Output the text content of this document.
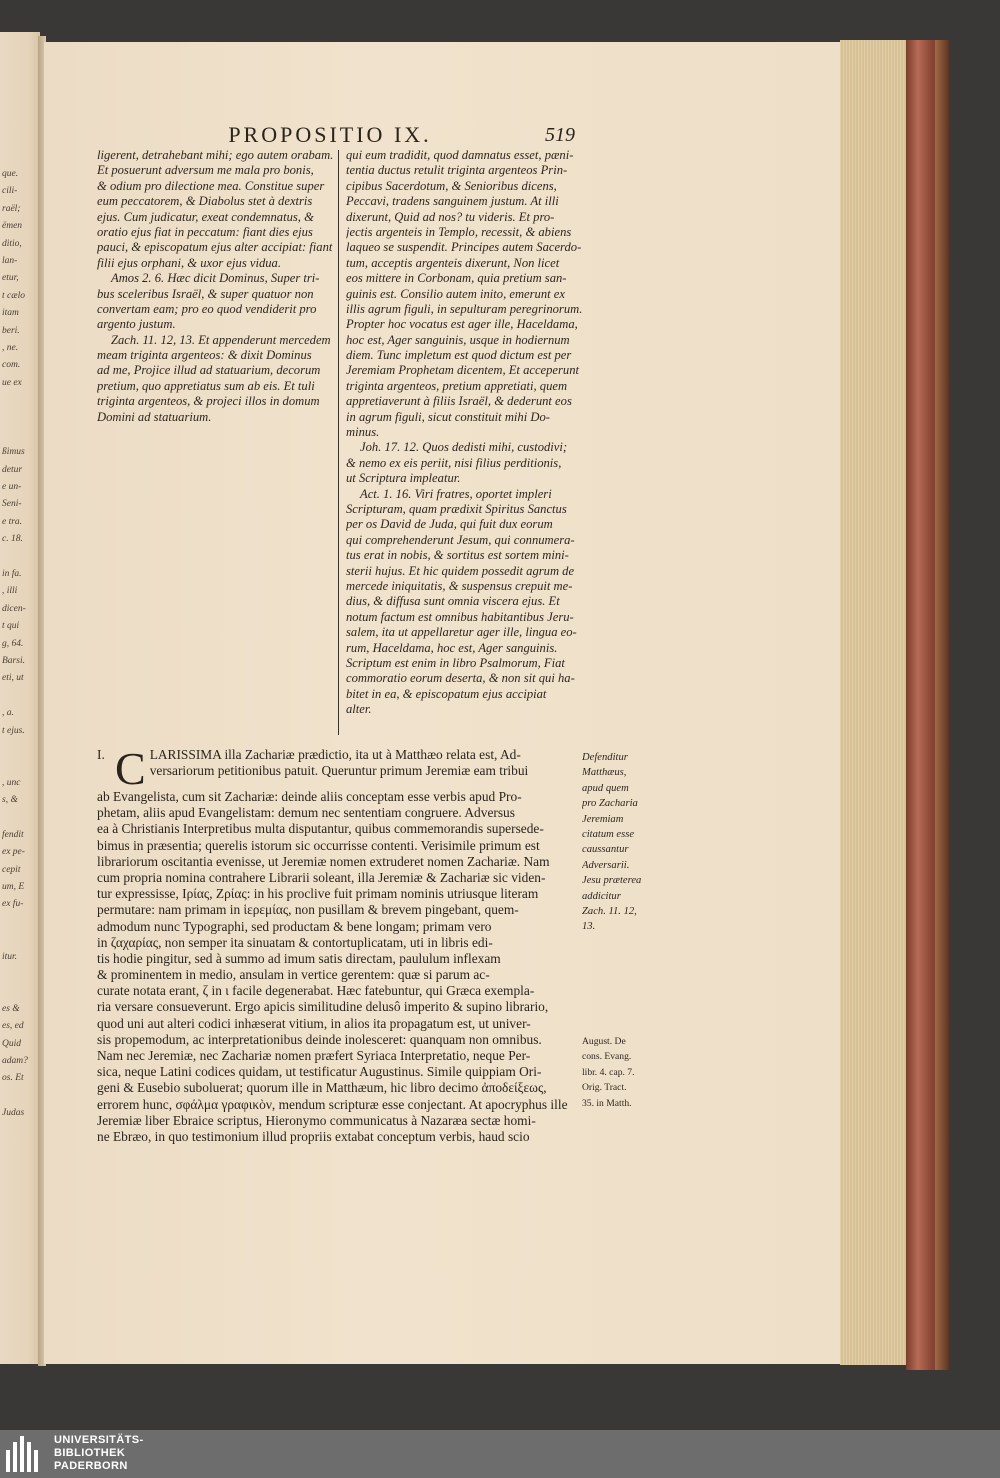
que.
cili-
raël;
ëmen
ditio,
lan-
etur,
t cælo
itam
beri.
, ne.
com.
ue ex
ßimus
detur
e un-
Seni-
e tra.
c. 18.
in fa.
, illi
dicen-
t qui
g, 64.
Barsi.
eti, ut
, a.
t ejus.
, unc
s, &
fendit
ex pe-
cepit
um, E
ex fu-
itur.
es &
es, ed
Quid
adam?
os. Et
Judas
PROPOSITIO IX.	519
ligerent, detrahebant mihi; ego autem orabam.
Et posuerunt adversum me mala pro bonis,
& odium pro dilectione mea. Constitue super
eum peccatorem, & Diabolus stet à dextris
ejus. Cum judicatur, exeat condemnatus, &
oratio ejus fiat in peccatum: fiant dies ejus
pauci, & episcopatum ejus alter accipiat: fiant
filii ejus orphani, & uxor ejus vidua.
Amos 2. 6. Hæc dicit Dominus, Super tri-
bus sceleribus Israël, & super quatuor non
convertam eam; pro eo quod vendiderit pro
argento justum.
Zach. 11. 12, 13. Et appenderunt mercedem
meam triginta argenteos: & dixit Dominus
ad me, Projice illud ad statuarium, decorum
pretium, quo appretiatus sum ab eis. Et tuli
triginta argenteos, & projeci illos in domum
Domini ad statuarium.
qui eum tradidit, quod damnatus esset, pæni-
tentia ductus retulit triginta argenteos Prin-
cipibus Sacerdotum, & Senioribus dicens,
Peccavi, tradens sanguinem justum. At illi
dixerunt, Quid ad nos? tu videris. Et pro-
jectis argenteis in Templo, recessit, & abiens
laqueo se suspendit. Principes autem Sacerdo-
tum, acceptis argenteis dixerunt, Non licet
eos mittere in Corbonam, quia pretium san-
guinis est. Consilio autem inito, emerunt ex
illis agrum figuli, in sepulturam peregrinorum.
Propter hoc vocatus est ager ille, Haceldama,
hoc est, Ager sanguinis, usque in hodiernum
diem. Tunc impletum est quod dictum est per
Jeremiam Prophetam dicentem, Et acceperunt
triginta argenteos, pretium appretiati, quem
appretiaverunt à filiis Israël, & dederunt eos
in agrum figuli, sicut constituit mihi Do-
minus.
Joh. 17. 12. Quos dedisti mihi, custodivi;
& nemo ex eis periit, nisi filius perditionis,
ut Scriptura impleatur.
Act. 1. 16. Viri fratres, oportet impleri
Scripturam, quam prædixit Spiritus Sanctus
per os David de Juda, qui fuit dux eorum
qui comprehenderunt Jesum, qui connumera-
tus erat in nobis, & sortitus est sortem mini-
sterii hujus. Et hic quidem possedit agrum de
mercede iniquitatis, & suspensus crepuit me-
dius, & diffusa sunt omnia viscera ejus. Et
notum factum est omnibus habitantibus Jeru-
salem, ita ut appellaretur ager ille, lingua eo-
rum, Haceldama, hoc est, Ager sanguinis.
Scriptum est enim in libro Psalmorum, Fiat
commoratio eorum deserta, & non sit qui ha-
bitet in ea, & episcopatum ejus accipiat
alter.
I. C LARISSIMA illa Zachariæ prædictio, ita ut à Matthæo relata est, Ad-
versariorum petitionibus patuit. Queruntur primum Jeremiæ eam tribui
ab Evangelista, cum sit Zachariæ: deinde aliis conceptam esse verbis apud Pro-
phetam, aliis apud Evangelistam: demum nec sententiam congruere. Adversus
ea à Christianis Interpretibus multa disputantur, quibus commemorandis supersede-
bimus in præsentia; querelis istorum sic occurrisse contenti. Verisimile primum est
librariorum oscitantia evenisse, ut Jeremiæ nomen extruderet nomen Zachariæ. Nam
cum propria nomina contrahere Librarii soleant, illa Jeremiæ & Zachariæ sic viden-
tur expressisse, Ιρίας, Ζρίας: in his proclive fuit primam nominis utriusque literam
permutare: nam primam in ἱερεμίας, non pusillam & brevem pingebant, quem-
admodum nunc Typographi, sed productam & bene longam; primam vero
in ζαχαρίας, non semper ita sinuatam & contortuplicatam, uti in libris edi-
tis hodie pingitur, sed à summo ad imum satis directam, paululum inflexam
& prominentem in medio, ansulam in vertice gerentem: quæ si parum ac-
curate notata erant, ζ in ι facile degenerabat. Hæc fatebuntur, qui Græca exempla-
ria versare consueverunt. Ergo apicis similitudine delusô imperito & supino librario,
quod uni aut alteri codici inhæserat vitium, in alios ita propagatum est, ut univer-
sis propemodum, ac interpretationibus deinde inolesceret: quanquam non omnibus.
Nam nec Jeremiæ, nec Zachariæ nomen præfert Syriaca Interpretatio, neque Per-
sica, neque Latini codices quidam, ut testificatur Augustinus. Simile quippiam Ori-
geni & Eusebio suboluerat; quorum ille in Matthæum, hic libro decimo ἀποδείξεως,
errorem hunc, σφάλμα γραφικὸν, mendum scripturæ esse conjectant. At apocryphus ille
Jeremiæ liber Ebraice scriptus, Hieronymo communicatus à Nazaræa sectæ homi-
ne Ebræo, in quo testimonium illud propriis extabat conceptum verbis, haud scio
Defenditur
Matthæus,
apud quem
pro Zacharia
Jeremiam
citatum esse
caussantur
Adversarii.
Jesu præterea
addicitur
Zach. 11. 12,
13.
August. De
cons. Evang.
libr. 4. cap. 7.
Orig. Tract.
35. in Matth.
UNIVERSITÄTS-
BIBLIOTHEK
PADERBORN
